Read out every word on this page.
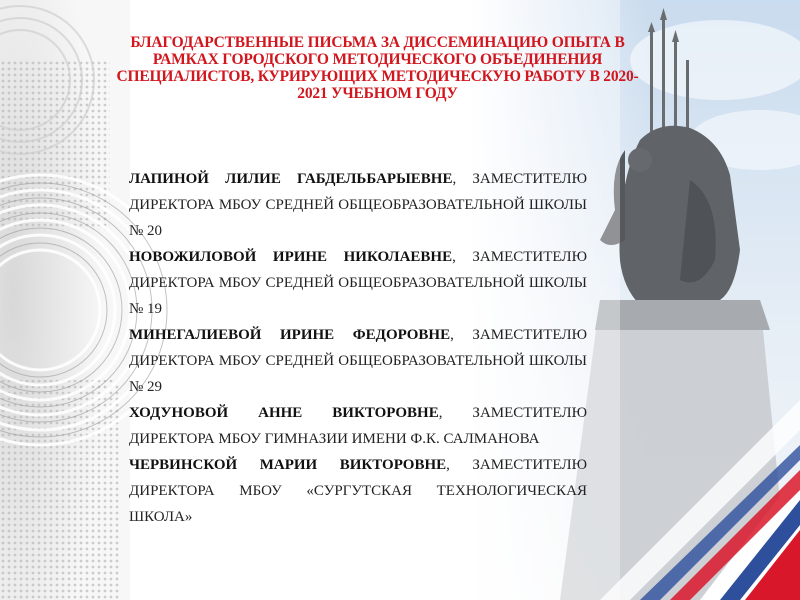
БЛАГОДАРСТВЕННЫЕ ПИСЬМА ЗА ДИССЕМИНАЦИЮ ОПЫТА В РАМКАХ ГОРОДСКОГО МЕТОДИЧЕСКОГО ОБЪЕДИНЕНИЯ СПЕЦИАЛИСТОВ, КУРИРУЮЩИХ МЕТОДИЧЕСКУЮ РАБОТУ В 2020-2021 УЧЕБНОМ ГОДУ

ЛАПИНОЙ ЛИЛИЕ ГАБДЕЛЬБАРЫЕВНЕ, ЗАМЕСТИТЕЛЮ ДИРЕКТОРА МБОУ СРЕДНЕЙ ОБЩЕОБРАЗОВАТЕЛЬНОЙ ШКОЛЫ № 20

НОВОЖИЛОВОЙ ИРИНЕ НИКОЛАЕВНЕ, ЗАМЕСТИТЕЛЮ ДИРЕКТОРА МБОУ СРЕДНЕЙ ОБЩЕОБРАЗОВАТЕЛЬНОЙ ШКОЛЫ № 19

МИНЕГАЛИЕВОЙ ИРИНЕ ФЕДОРОВНЕ, ЗАМЕСТИТЕЛЮ ДИРЕКТОРА МБОУ СРЕДНЕЙ ОБЩЕОБРАЗОВАТЕЛЬНОЙ ШКОЛЫ № 29

ХОДУНОВОЙ АННЕ ВИКТОРОВНЕ, ЗАМЕСТИТЕЛЮ ДИРЕКТОРА МБОУ ГИМНАЗИИ ИМЕНИ Ф.К. САЛМАНОВА

ЧЕРВИНСКОЙ МАРИИ ВИКТОРОВНЕ, ЗАМЕСТИТЕЛЮ ДИРЕКТОРА МБОУ «СУРГУТСКАЯ ТЕХНОЛОГИЧЕСКАЯ ШКОЛА»
